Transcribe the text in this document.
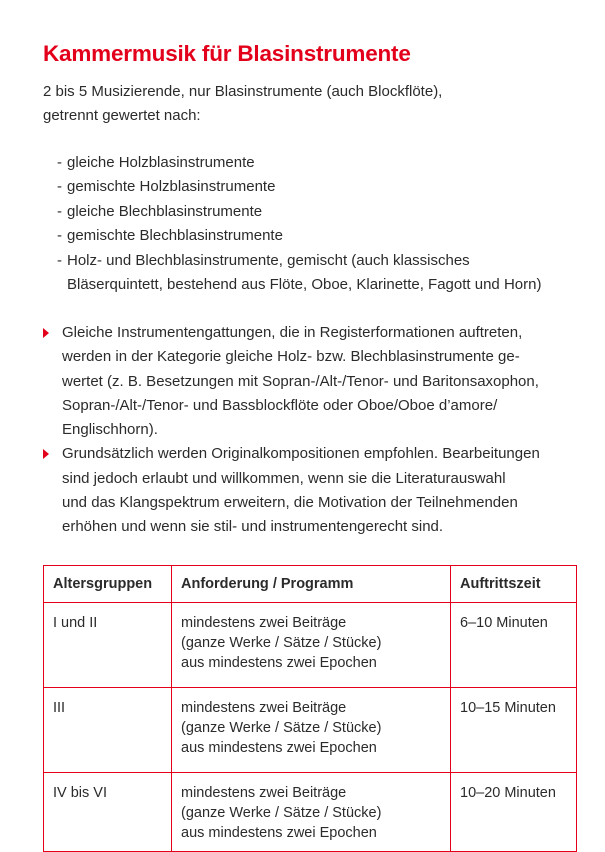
Kammermusik für Blasinstrumente
2 bis 5 Musizierende, nur Blasinstrumente (auch Blockflöte),
getrennt gewertet nach:
- gleiche Holzblasinstrumente
- gemischte Holzblasinstrumente
- gleiche Blechblasinstrumente
- gemischte Blechblasinstrumente
- Holz- und Blechblasinstrumente, gemischt (auch klassisches
Bläserquintett, bestehend aus Flöte, Oboe, Klarinette, Fagott und Horn)
Gleiche Instrumentengattungen, die in Registerformationen auftreten,
werden in der Kategorie gleiche Holz- bzw. Blechblasinstrumente ge-
wertet (z. B. Besetzungen mit Sopran-/Alt-/Tenor- und Baritonsaxophon,
Sopran-/Alt-/Tenor- und Bassblockflöte oder Oboe/Oboe d’amore/
Englischhorn).
Grundsätzlich werden Originalkompositionen empfohlen. Bearbeitungen
sind jedoch erlaubt und willkommen, wenn sie die Literaturauswahl
und das Klangspektrum erweitern, die Motivation der Teilnehmenden
erhöhen und wenn sie stil- und instrumentengerecht sind.
Altersgruppen	Anforderung / Programm	Auftrittszeit
I und II	mindestens zwei Beiträge
(ganze Werke / Sätze / Stücke)
aus mindestens zwei Epochen	6–10 Minuten
III	mindestens zwei Beiträge
(ganze Werke / Sätze / Stücke)
aus mindestens zwei Epochen	10–15 Minuten
IV bis VI	mindestens zwei Beiträge
(ganze Werke / Sätze / Stücke)
aus mindestens zwei Epochen	10–20 Minuten
